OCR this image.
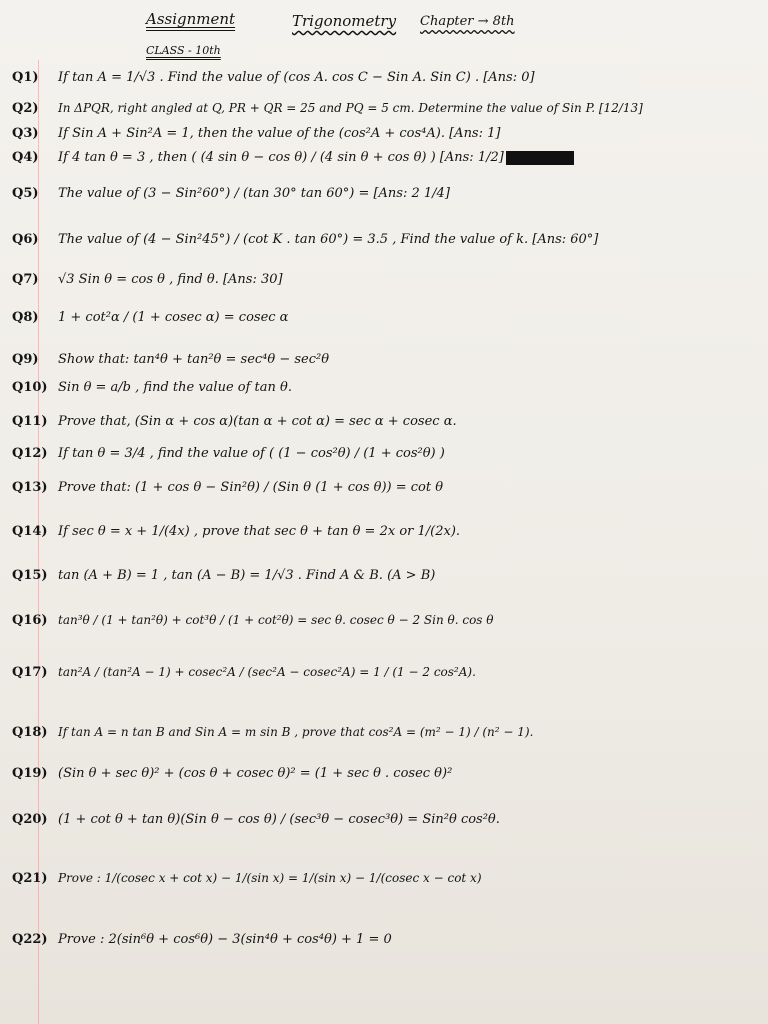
Assignment	Trigonometry Chapter → 8th
CLASS - 10th
Q1) If tan A = 1/√3 . Find the value of (cos A. cos C − Sin A. Sin C) . [Ans: 0]
Q2) In ΔPQR, right angled at Q, PR + QR = 25 and PQ = 5 cm. Determine the value of Sin P. [12/13]
Q3) If Sin A + Sin²A = 1, then the value of the (cos²A + cos⁴A). [Ans: 1]
Q4) If 4 tan θ = 3 , then ( (4 sin θ − cos θ) / (4 sin θ + cos θ) ) [Ans: 1/2]
Q5) The value of (3 − Sin²60°) / (tan 30° tan 60°) = [Ans: 2 1/4]
Q6) The value of (4 − Sin²45°) / (cot K . tan 60°) = 3.5 , Find the value of k. [Ans: 60°]
Q7) √3 Sin θ = cos θ , find θ. [Ans: 30]
Q8) 1 + cot²α / (1 + cosec α) = cosec α
Q9) Show that: tan⁴θ + tan²θ = sec⁴θ − sec²θ
Q10) Sin θ = a/b , find the value of tan θ.
Q11) Prove that, (Sin α + cos α)(tan α + cot α) = sec α + cosec α.
Q12) If tan θ = 3/4 , find the value of ( (1 − cos²θ) / (1 + cos²θ) )
Q13) Prove that: (1 + cos θ − Sin²θ) / (Sin θ (1 + cos θ)) = cot θ
Q14) If sec θ = x + 1/(4x) , prove that sec θ + tan θ = 2x or 1/(2x).
Q15) tan (A + B) = 1 , tan (A − B) = 1/√3 . Find A & B. (A > B)
Q16) tan³θ / (1 + tan²θ) + cot³θ / (1 + cot²θ) = sec θ. cosec θ − 2 Sin θ. cos θ
Q17) tan²A / (tan²A − 1) + cosec²A / (sec²A − cosec²A) = 1 / (1 − 2 cos²A).
Q18) If tan A = n tan B and Sin A = m sin B , prove that cos²A = (m² − 1) / (n² − 1).
Q19) (Sin θ + sec θ)² + (cos θ + cosec θ)² = (1 + sec θ . cosec θ)²
Q20) (1 + cot θ + tan θ)(Sin θ − cos θ) / (sec³θ − cosec³θ) = Sin²θ cos²θ.
Q21) Prove : 1/(cosec x + cot x) − 1/(sin x) = 1/(sin x) − 1/(cosec x − cot x)
Q22) Prove : 2(sin⁶θ + cos⁶θ) − 3(sin⁴θ + cos⁴θ) + 1 = 0
